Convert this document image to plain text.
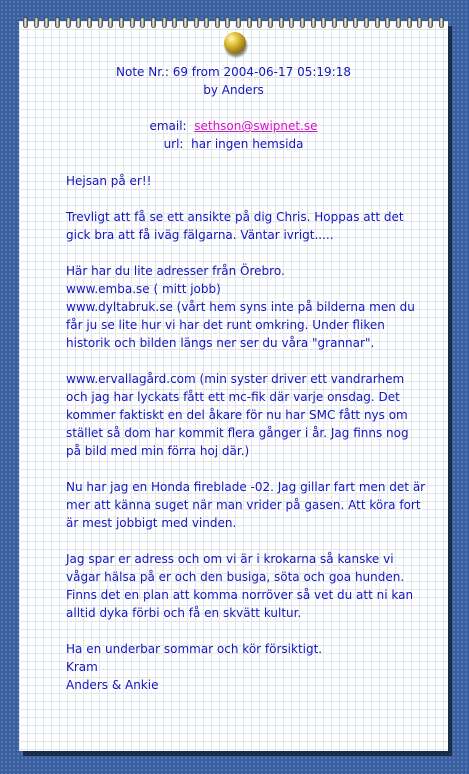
Note Nr.: 69 from 2004-06-17 05:19:18
by Anders
email: sethson@swipnet.se
url: har ingen hemsida

Hejsan på er!!

Trevligt att få se ett ansikte på dig Chris. Hoppas att det gick bra att få iväg fälgarna. Väntar ivrigt.....

Här har du lite adresser från Örebro.
www.emba.se ( mitt jobb)
www.dyltabruk.se (vårt hem syns inte på bilderna men du får ju se lite hur vi har det runt omkring. Under fliken historik och bilden längs ner ser du våra "grannar".

www.ervallagård.com (min syster driver ett vandrarhem och jag har lyckats fått ett mc-fik där varje onsdag. Det kommer faktiskt en del åkare för nu har SMC fått nys om stället så dom har kommit flera gånger i år. Jag finns nog på bild med min förra hoj där.)

Nu har jag en Honda fireblade -02. Jag gillar fart men det är mer att känna suget när man vrider på gasen. Att köra fort är mest jobbigt med vinden.

Jag spar er adress och om vi är i krokarna så kanske vi vågar hälsa på er och den busiga, söta och goa hunden. Finns det en plan att komma norröver så vet du att ni kan alltid dyka förbi och få en skvätt kultur.

Ha en underbar sommar och kör försiktigt.
Kram
Anders & Ankie
